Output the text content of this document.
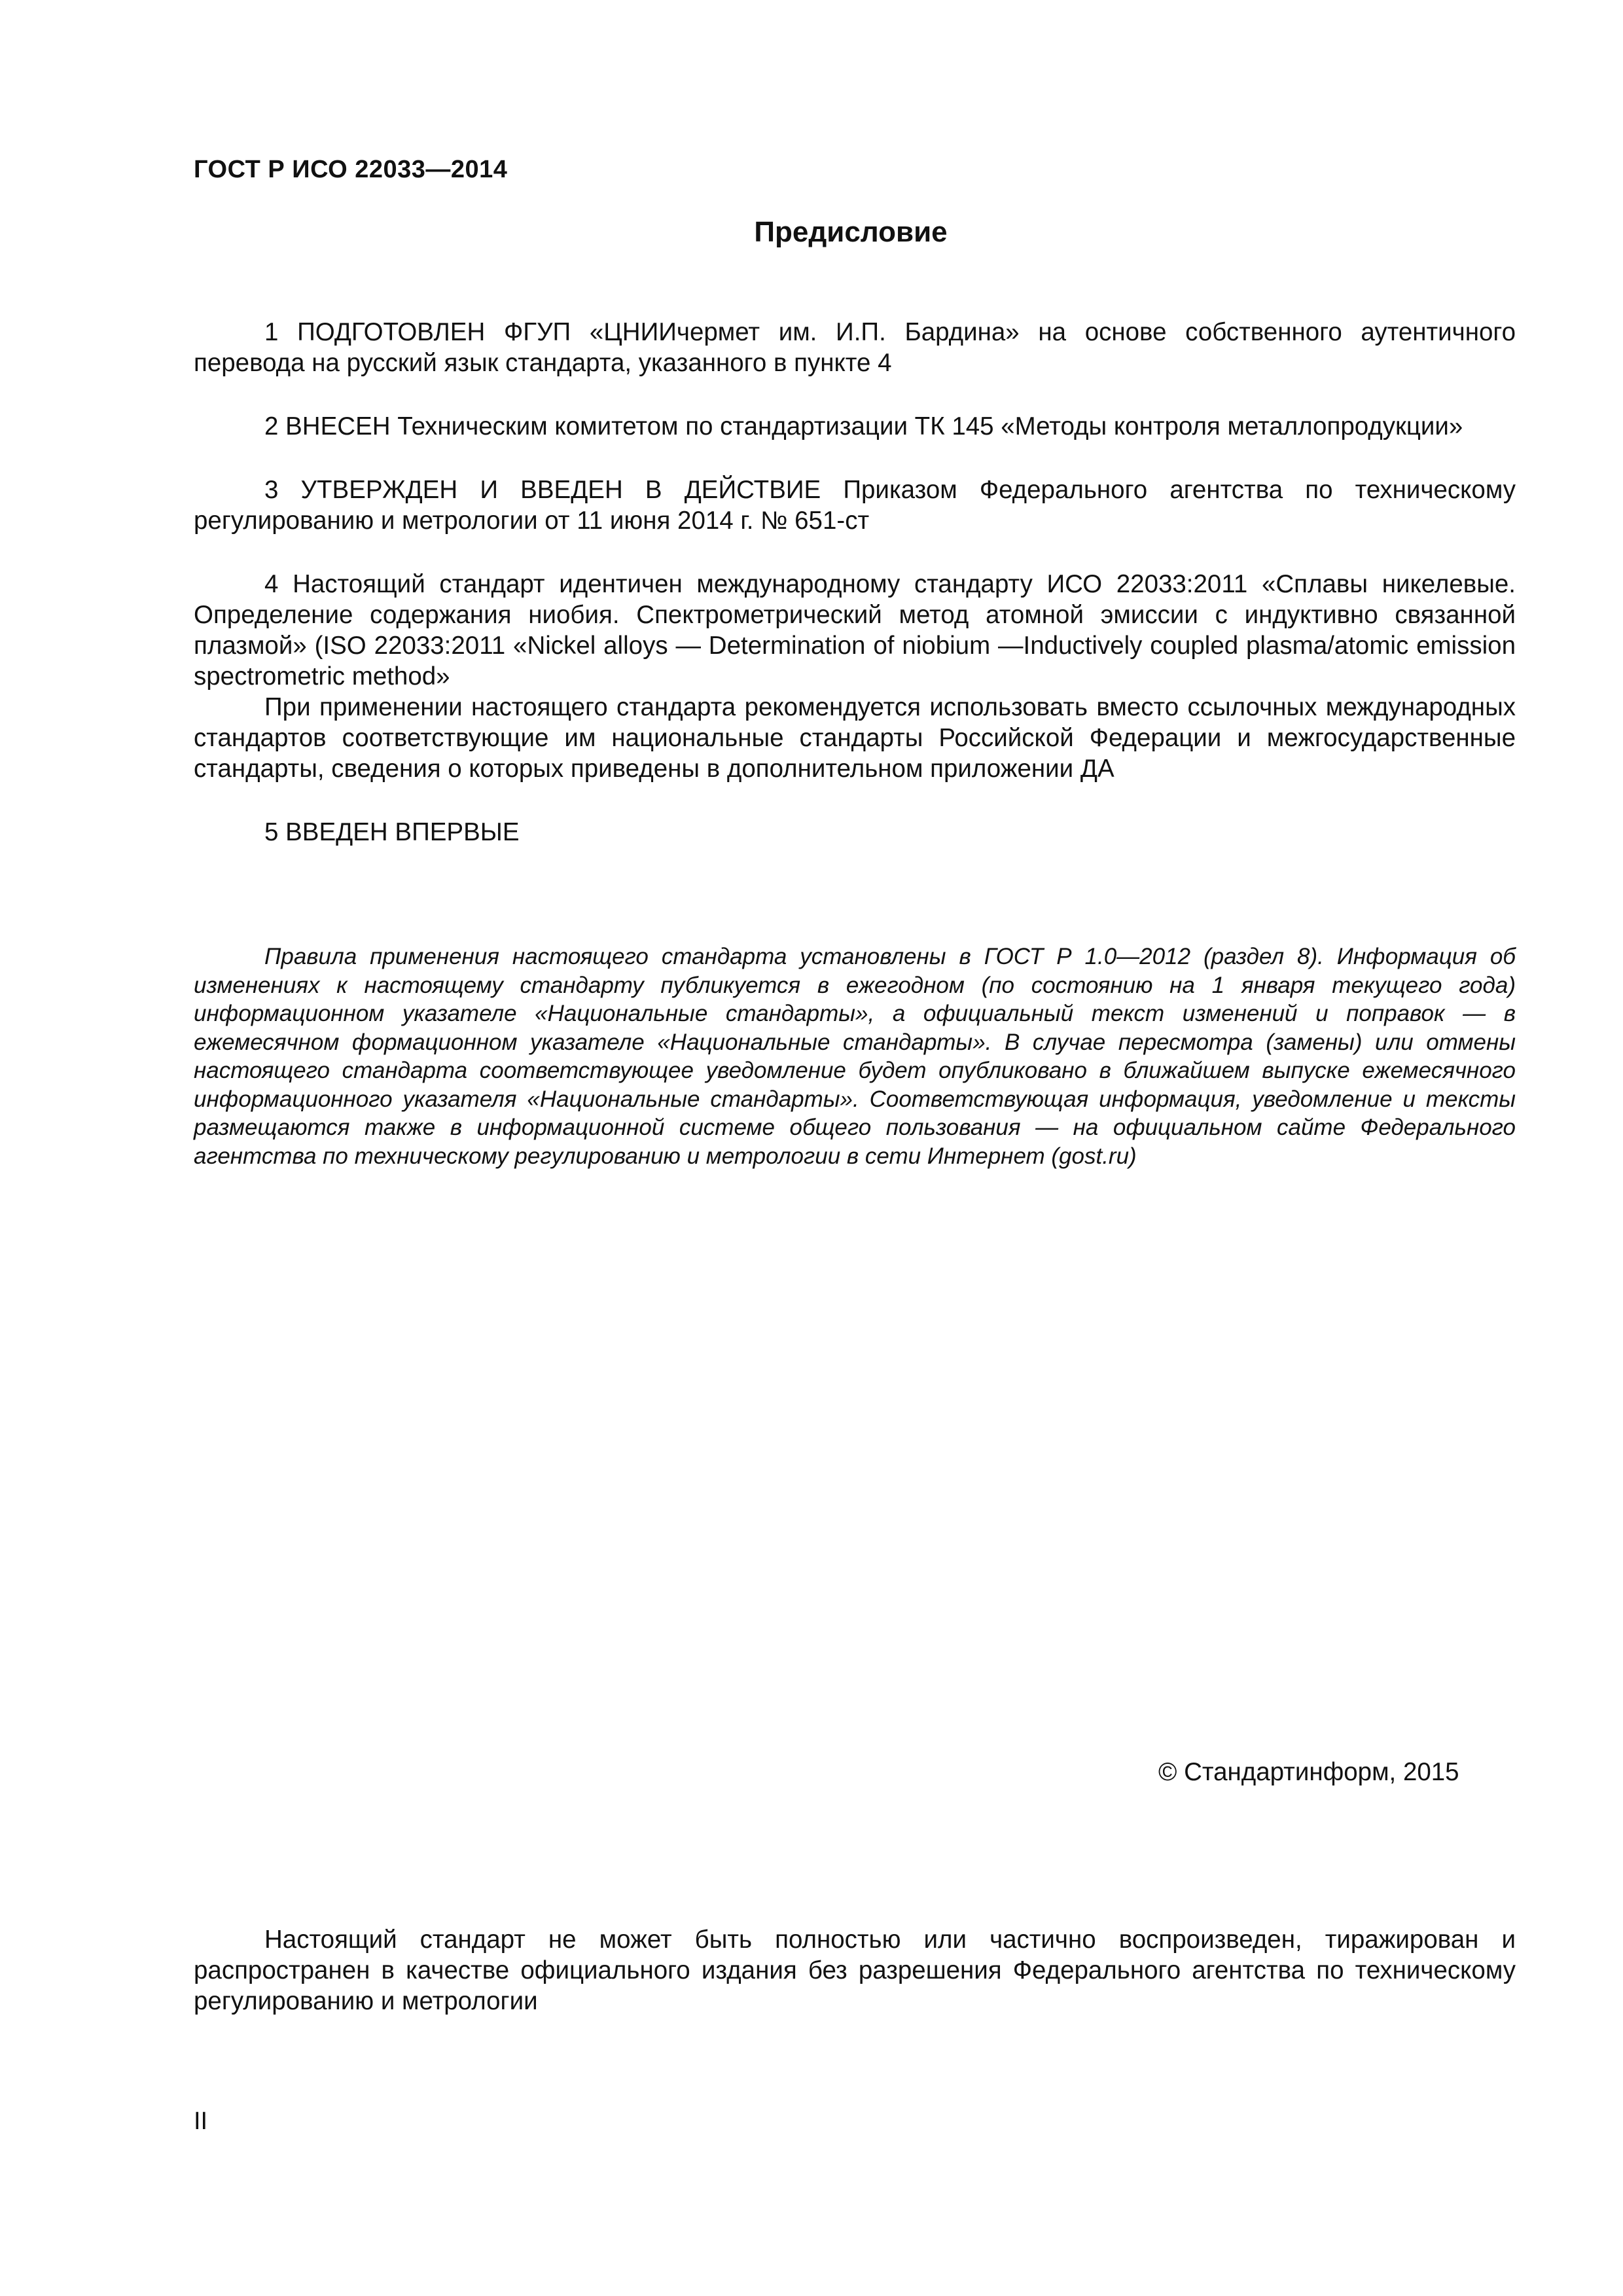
ГОСТ Р ИСО 22033—2014
Предисловие

1 ПОДГОТОВЛЕН ФГУП «ЦНИИчермет им. И.П. Бардина» на основе собственного аутентичного перевода на русский язык стандарта, указанного в пункте 4

2 ВНЕСЕН Техническим комитетом по стандартизации ТК 145 «Методы контроля металлопродукции»

3 УТВЕРЖДЕН И ВВЕДЕН В ДЕЙСТВИЕ Приказом Федерального агентства по техническому регулированию и метрологии от 11 июня 2014 г. № 651-ст

4 Настоящий стандарт идентичен международному стандарту ИСО 22033:2011 «Сплавы никелевые. Определение содержания ниобия. Спектрометрический метод атомной эмиссии с индуктивно связанной плазмой» (ISO 22033:2011 «Nickel alloys — Determination of niobium —Inductively coupled plasma/atomic emission spectrometric method»

При применении настоящего стандарта рекомендуется использовать вместо ссылочных международных стандартов соответствующие им национальные стандарты Российской Федерации и межгосударственные стандарты, сведения о которых приведены в дополнительном приложении ДА

5 ВВЕДЕН ВПЕРВЫЕ

Правила применения настоящего стандарта установлены в ГОСТ Р 1.0—2012 (раздел 8). Информация об изменениях к настоящему стандарту публикуется в ежегодном (по состоянию на 1 января текущего года) информационном указателе «Национальные стандарты», а официальный текст изменений и поправок — в ежемесячном формационном указателе «Национальные стандарты». В случае пересмотра (замены) или отмены настоящего стандарта соответствующее уведомление будет опубликовано в ближайшем выпуске ежемесячного информационного указателя «Национальные стандарты». Соответствующая информация, уведомление и тексты размещаются также в информационной системе общего пользования — на официальном сайте Федерального агентства по техническому регулированию и метрологии в сети Интернет (gost.ru)
© Стандартинформ, 2015
Настоящий стандарт не может быть полностью или частично воспроизведен, тиражирован и распространен в качестве официального издания без разрешения Федерального агентства по техническому регулированию и метрологии
II
